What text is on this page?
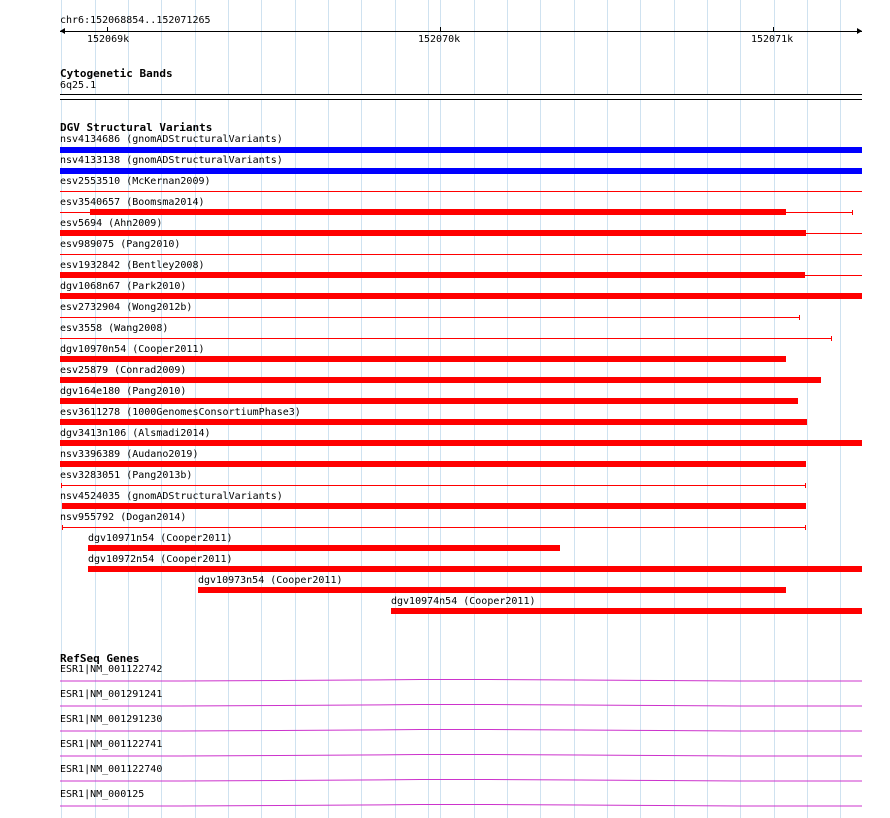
chr6:152068854..152071265
152069k	152070k	152071k
Cytogenetic Bands
6q25.1
DGV Structural Variants
nsv4134686 (gnomADStructuralVariants)
nsv4133138 (gnomADStructuralVariants)
esv2553510 (McKernan2009)
esv3540657 (Boomsma2014)
esv5694 (Ahn2009)
esv989075 (Pang2010)
esv1932842 (Bentley2008)
dgv1068n67 (Park2010)
esv2732904 (Wong2012b)
esv3558 (Wang2008)
dgv10970n54 (Cooper2011)
esv25879 (Conrad2009)
dgv164e180 (Pang2010)
esv3611278 (1000GenomesConsortiumPhase3)
dgv3413n106 (Alsmadi2014)
nsv3396389 (Audano2019)
esv3283051 (Pang2013b)
nsv4524035 (gnomADStructuralVariants)
nsv955792 (Dogan2014)
dgv10971n54 (Cooper2011)
dgv10972n54 (Cooper2011)
dgv10973n54 (Cooper2011)
dgv10974n54 (Cooper2011)
RefSeq Genes
ESR1|NM_001122742
ESR1|NM_001291241
ESR1|NM_001291230
ESR1|NM_001122741
ESR1|NM_001122740
ESR1|NM_000125
